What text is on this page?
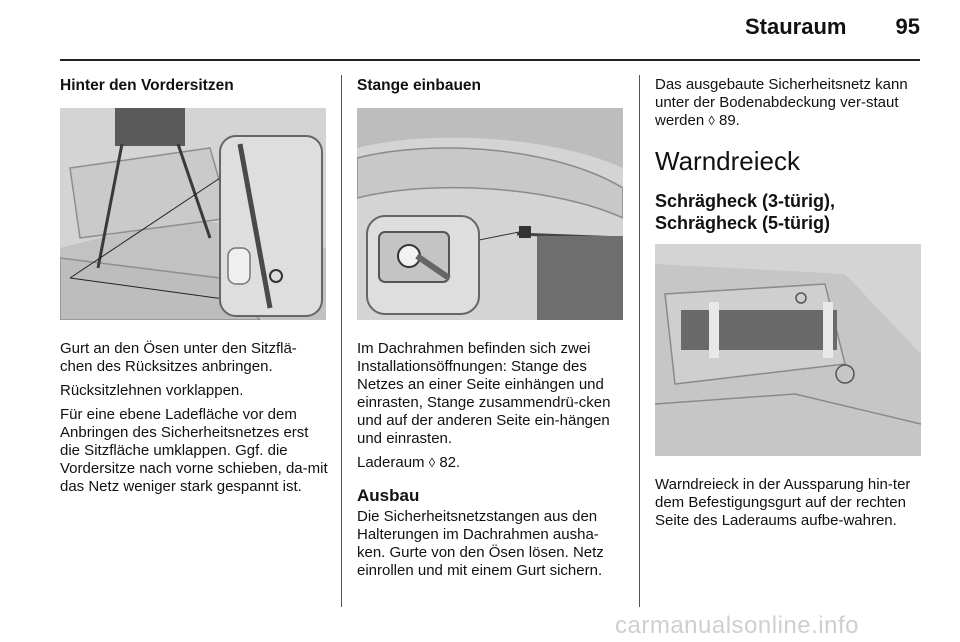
Stauraum	95
Hinter den Vordersitzen

Gurt an den Ösen unter den Sitzflä-chen des Rücksitzes anbringen.

Rücksitzlehnen vorklappen.

Für eine ebene Ladefläche vor dem Anbringen des Sicherheitsnetzes erst die Sitzfläche umklappen. Ggf. die Vordersitze nach vorne schieben, da-mit das Netz weniger stark gespannt ist.

Stange einbauen

Im Dachrahmen befinden sich zwei Installationsöffnungen: Stange des Netzes an einer Seite einhängen und einrasten, Stange zusammendrü-cken und auf der anderen Seite ein-hängen und einrasten.

Laderaum ◊ 82.

Ausbau

Die Sicherheitsnetzstangen aus den Halterungen im Dachrahmen ausha-ken. Gurte von den Ösen lösen. Netz einrollen und mit einem Gurt sichern.

Das ausgebaute Sicherheitsnetz kann unter der Bodenabdeckung ver-staut werden ◊ 89.

Warndreieck
Schrägheck (3-türig), Schrägheck (5-türig)

Warndreieck in der Aussparung hin-ter dem Befestigungsgurt auf der rechten Seite des Laderaums aufbe-wahren.

carmanualsonline.info
